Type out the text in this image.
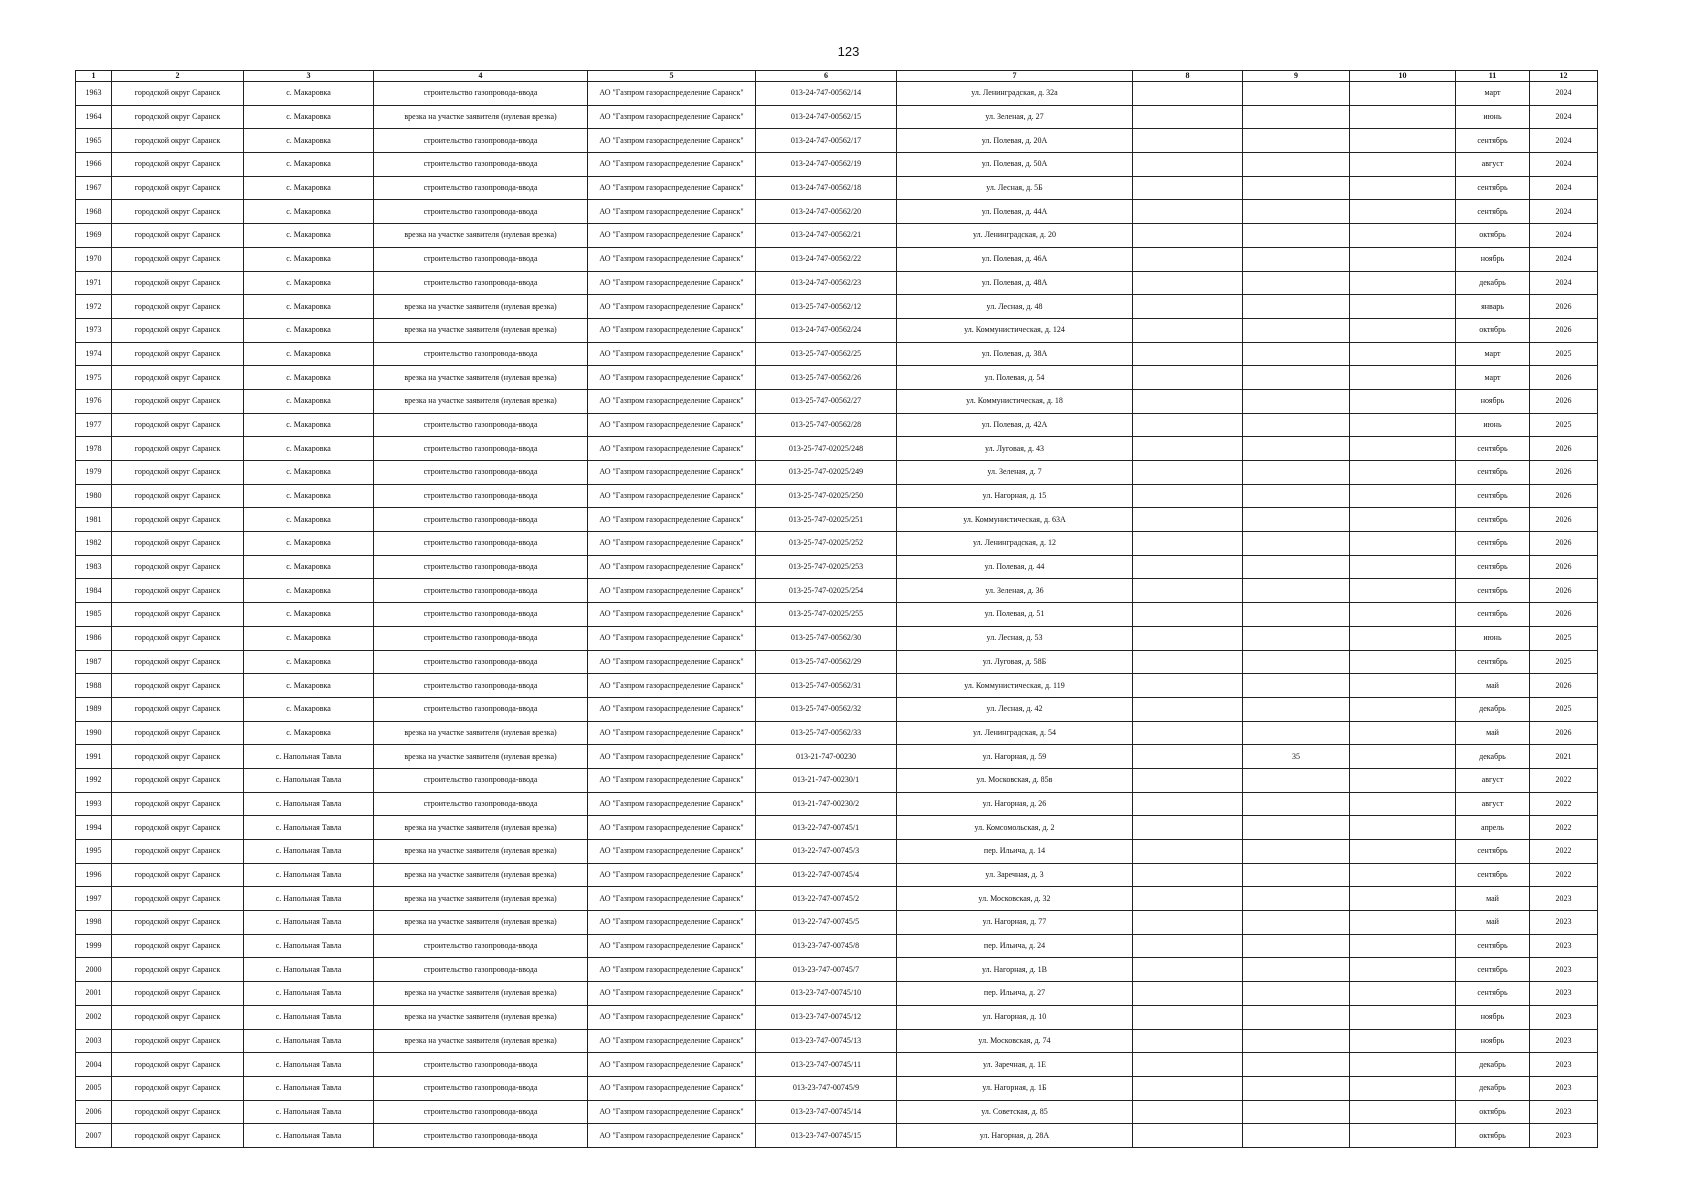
123
1	2	3	4	5	6	7	8	9	10	11	12
1963	городской округ Саранск	с. Макаровка	строительство газопровода-ввода	АО "Газпром газораспределение Саранск"	013-24-747-00562/14	ул. Ленинградская, д. 32а				март	2024
1964	городской округ Саранск	с. Макаровка	врезка на участке заявителя (нулевая врезка)	АО "Газпром газораспределение Саранск"	013-24-747-00562/15	ул. Зеленая, д. 27				июнь	2024
1965	городской округ Саранск	с. Макаровка	строительство газопровода-ввода	АО "Газпром газораспределение Саранск"	013-24-747-00562/17	ул. Полевая, д. 20А				сентябрь	2024
1966	городской округ Саранск	с. Макаровка	строительство газопровода-ввода	АО "Газпром газораспределение Саранск"	013-24-747-00562/19	ул. Полевая, д. 50А				август	2024
1967	городской округ Саранск	с. Макаровка	строительство газопровода-ввода	АО "Газпром газораспределение Саранск"	013-24-747-00562/18	ул. Лесная, д. 5Б				сентябрь	2024
1968	городской округ Саранск	с. Макаровка	строительство газопровода-ввода	АО "Газпром газораспределение Саранск"	013-24-747-00562/20	ул. Полевая, д. 44А				сентябрь	2024
1969	городской округ Саранск	с. Макаровка	врезка на участке заявителя (нулевая врезка)	АО "Газпром газораспределение Саранск"	013-24-747-00562/21	ул. Ленинградская, д. 20				октябрь	2024
1970	городской округ Саранск	с. Макаровка	строительство газопровода-ввода	АО "Газпром газораспределение Саранск"	013-24-747-00562/22	ул. Полевая, д. 46А				ноябрь	2024
1971	городской округ Саранск	с. Макаровка	строительство газопровода-ввода	АО "Газпром газораспределение Саранск"	013-24-747-00562/23	ул. Полевая, д. 48А				декабрь	2024
1972	городской округ Саранск	с. Макаровка	врезка на участке заявителя (нулевая врезка)	АО "Газпром газораспределение Саранск"	013-25-747-00562/12	ул. Лесная, д. 48				январь	2026
1973	городской округ Саранск	с. Макаровка	врезка на участке заявителя (нулевая врезка)	АО "Газпром газораспределение Саранск"	013-24-747-00562/24	ул. Коммунистическая, д. 124				октябрь	2026
1974	городской округ Саранск	с. Макаровка	строительство газопровода-ввода	АО "Газпром газораспределение Саранск"	013-25-747-00562/25	ул. Полевая, д. 38А				март	2025
1975	городской округ Саранск	с. Макаровка	врезка на участке заявителя (нулевая врезка)	АО "Газпром газораспределение Саранск"	013-25-747-00562/26	ул. Полевая, д. 54				март	2026
1976	городской округ Саранск	с. Макаровка	врезка на участке заявителя (нулевая врезка)	АО "Газпром газораспределение Саранск"	013-25-747-00562/27	ул. Коммунистическая, д. 18				ноябрь	2026
1977	городской округ Саранск	с. Макаровка	строительство газопровода-ввода	АО "Газпром газораспределение Саранск"	013-25-747-00562/28	ул. Полевая, д. 42А				июнь	2025
1978	городской округ Саранск	с. Макаровка	строительство газопровода-ввода	АО "Газпром газораспределение Саранск"	013-25-747-02025/248	ул. Луговая, д. 43				сентябрь	2026
1979	городской округ Саранск	с. Макаровка	строительство газопровода-ввода	АО "Газпром газораспределение Саранск"	013-25-747-02025/249	ул. Зеленая, д. 7				сентябрь	2026
1980	городской округ Саранск	с. Макаровка	строительство газопровода-ввода	АО "Газпром газораспределение Саранск"	013-25-747-02025/250	ул. Нагорная, д. 15				сентябрь	2026
1981	городской округ Саранск	с. Макаровка	строительство газопровода-ввода	АО "Газпром газораспределение Саранск"	013-25-747-02025/251	ул. Коммунистическая, д. 63А				сентябрь	2026
1982	городской округ Саранск	с. Макаровка	строительство газопровода-ввода	АО "Газпром газораспределение Саранск"	013-25-747-02025/252	ул. Ленинградская, д. 12				сентябрь	2026
1983	городской округ Саранск	с. Макаровка	строительство газопровода-ввода	АО "Газпром газораспределение Саранск"	013-25-747-02025/253	ул. Полевая, д. 44				сентябрь	2026
1984	городской округ Саранск	с. Макаровка	строительство газопровода-ввода	АО "Газпром газораспределение Саранск"	013-25-747-02025/254	ул. Зеленая, д. 36				сентябрь	2026
1985	городской округ Саранск	с. Макаровка	строительство газопровода-ввода	АО "Газпром газораспределение Саранск"	013-25-747-02025/255	ул. Полевая, д. 51				сентябрь	2026
1986	городской округ Саранск	с. Макаровка	строительство газопровода-ввода	АО "Газпром газораспределение Саранск"	013-25-747-00562/30	ул. Лесная, д. 53				июнь	2025
1987	городской округ Саранск	с. Макаровка	строительство газопровода-ввода	АО "Газпром газораспределение Саранск"	013-25-747-00562/29	ул. Луговая, д. 58Б				сентябрь	2025
1988	городской округ Саранск	с. Макаровка	строительство газопровода-ввода	АО "Газпром газораспределение Саранск"	013-25-747-00562/31	ул. Коммунистическая, д. 119				май	2026
1989	городской округ Саранск	с. Макаровка	строительство газопровода-ввода	АО "Газпром газораспределение Саранск"	013-25-747-00562/32	ул. Лесная, д. 42				декабрь	2025
1990	городской округ Саранск	с. Макаровка	врезка на участке заявителя (нулевая врезка)	АО "Газпром газораспределение Саранск"	013-25-747-00562/33	ул. Ленинградская, д. 54				май	2026
1991	городской округ Саранск	с. Напольная Тавла	врезка на участке заявителя (нулевая врезка)	АО "Газпром газораспределение Саранск"	013-21-747-00230	ул. Нагорная, д. 59		35		декабрь	2021
1992	городской округ Саранск	с. Напольная Тавла	строительство газопровода-ввода	АО "Газпром газораспределение Саранск"	013-21-747-00230/1	ул. Московская, д. 85в				август	2022
1993	городской округ Саранск	с. Напольная Тавла	строительство газопровода-ввода	АО "Газпром газораспределение Саранск"	013-21-747-00230/2	ул. Нагорная, д. 26				август	2022
1994	городской округ Саранск	с. Напольная Тавла	врезка на участке заявителя (нулевая врезка)	АО "Газпром газораспределение Саранск"	013-22-747-00745/1	ул. Комсомольская, д. 2				апрель	2022
1995	городской округ Саранск	с. Напольная Тавла	врезка на участке заявителя (нулевая врезка)	АО "Газпром газораспределение Саранск"	013-22-747-00745/3	пер. Ильича, д. 14				сентябрь	2022
1996	городской округ Саранск	с. Напольная Тавла	врезка на участке заявителя (нулевая врезка)	АО "Газпром газораспределение Саранск"	013-22-747-00745/4	ул. Заречная, д. 3				сентябрь	2022
1997	городской округ Саранск	с. Напольная Тавла	врезка на участке заявителя (нулевая врезка)	АО "Газпром газораспределение Саранск"	013-22-747-00745/2	ул. Московская, д. 32				май	2023
1998	городской округ Саранск	с. Напольная Тавла	врезка на участке заявителя (нулевая врезка)	АО "Газпром газораспределение Саранск"	013-22-747-00745/5	ул. Нагорная, д. 77				май	2023
1999	городской округ Саранск	с. Напольная Тавла	строительство газопровода-ввода	АО "Газпром газораспределение Саранск"	013-23-747-00745/8	пер. Ильича, д. 24				сентябрь	2023
2000	городской округ Саранск	с. Напольная Тавла	строительство газопровода-ввода	АО "Газпром газораспределение Саранск"	013-23-747-00745/7	ул. Нагорная, д. 1В				сентябрь	2023
2001	городской округ Саранск	с. Напольная Тавла	врезка на участке заявителя (нулевая врезка)	АО "Газпром газораспределение Саранск"	013-23-747-00745/10	пер. Ильича, д. 27				сентябрь	2023
2002	городской округ Саранск	с. Напольная Тавла	врезка на участке заявителя (нулевая врезка)	АО "Газпром газораспределение Саранск"	013-23-747-00745/12	ул. Нагорная, д. 10				ноябрь	2023
2003	городской округ Саранск	с. Напольная Тавла	врезка на участке заявителя (нулевая врезка)	АО "Газпром газораспределение Саранск"	013-23-747-00745/13	ул. Московская, д. 74				ноябрь	2023
2004	городской округ Саранск	с. Напольная Тавла	строительство газопровода-ввода	АО "Газпром газораспределение Саранск"	013-23-747-00745/11	ул. Заречная, д. 1Е				декабрь	2023
2005	городской округ Саранск	с. Напольная Тавла	строительство газопровода-ввода	АО "Газпром газораспределение Саранск"	013-23-747-00745/9	ул. Нагорная, д. 1Б				декабрь	2023
2006	городской округ Саранск	с. Напольная Тавла	строительство газопровода-ввода	АО "Газпром газораспределение Саранск"	013-23-747-00745/14	ул. Советская, д. 85				октябрь	2023
2007	городской округ Саранск	с. Напольная Тавла	строительство газопровода-ввода	АО "Газпром газораспределение Саранск"	013-23-747-00745/15	ул. Нагорная, д. 28А				октябрь	2023
